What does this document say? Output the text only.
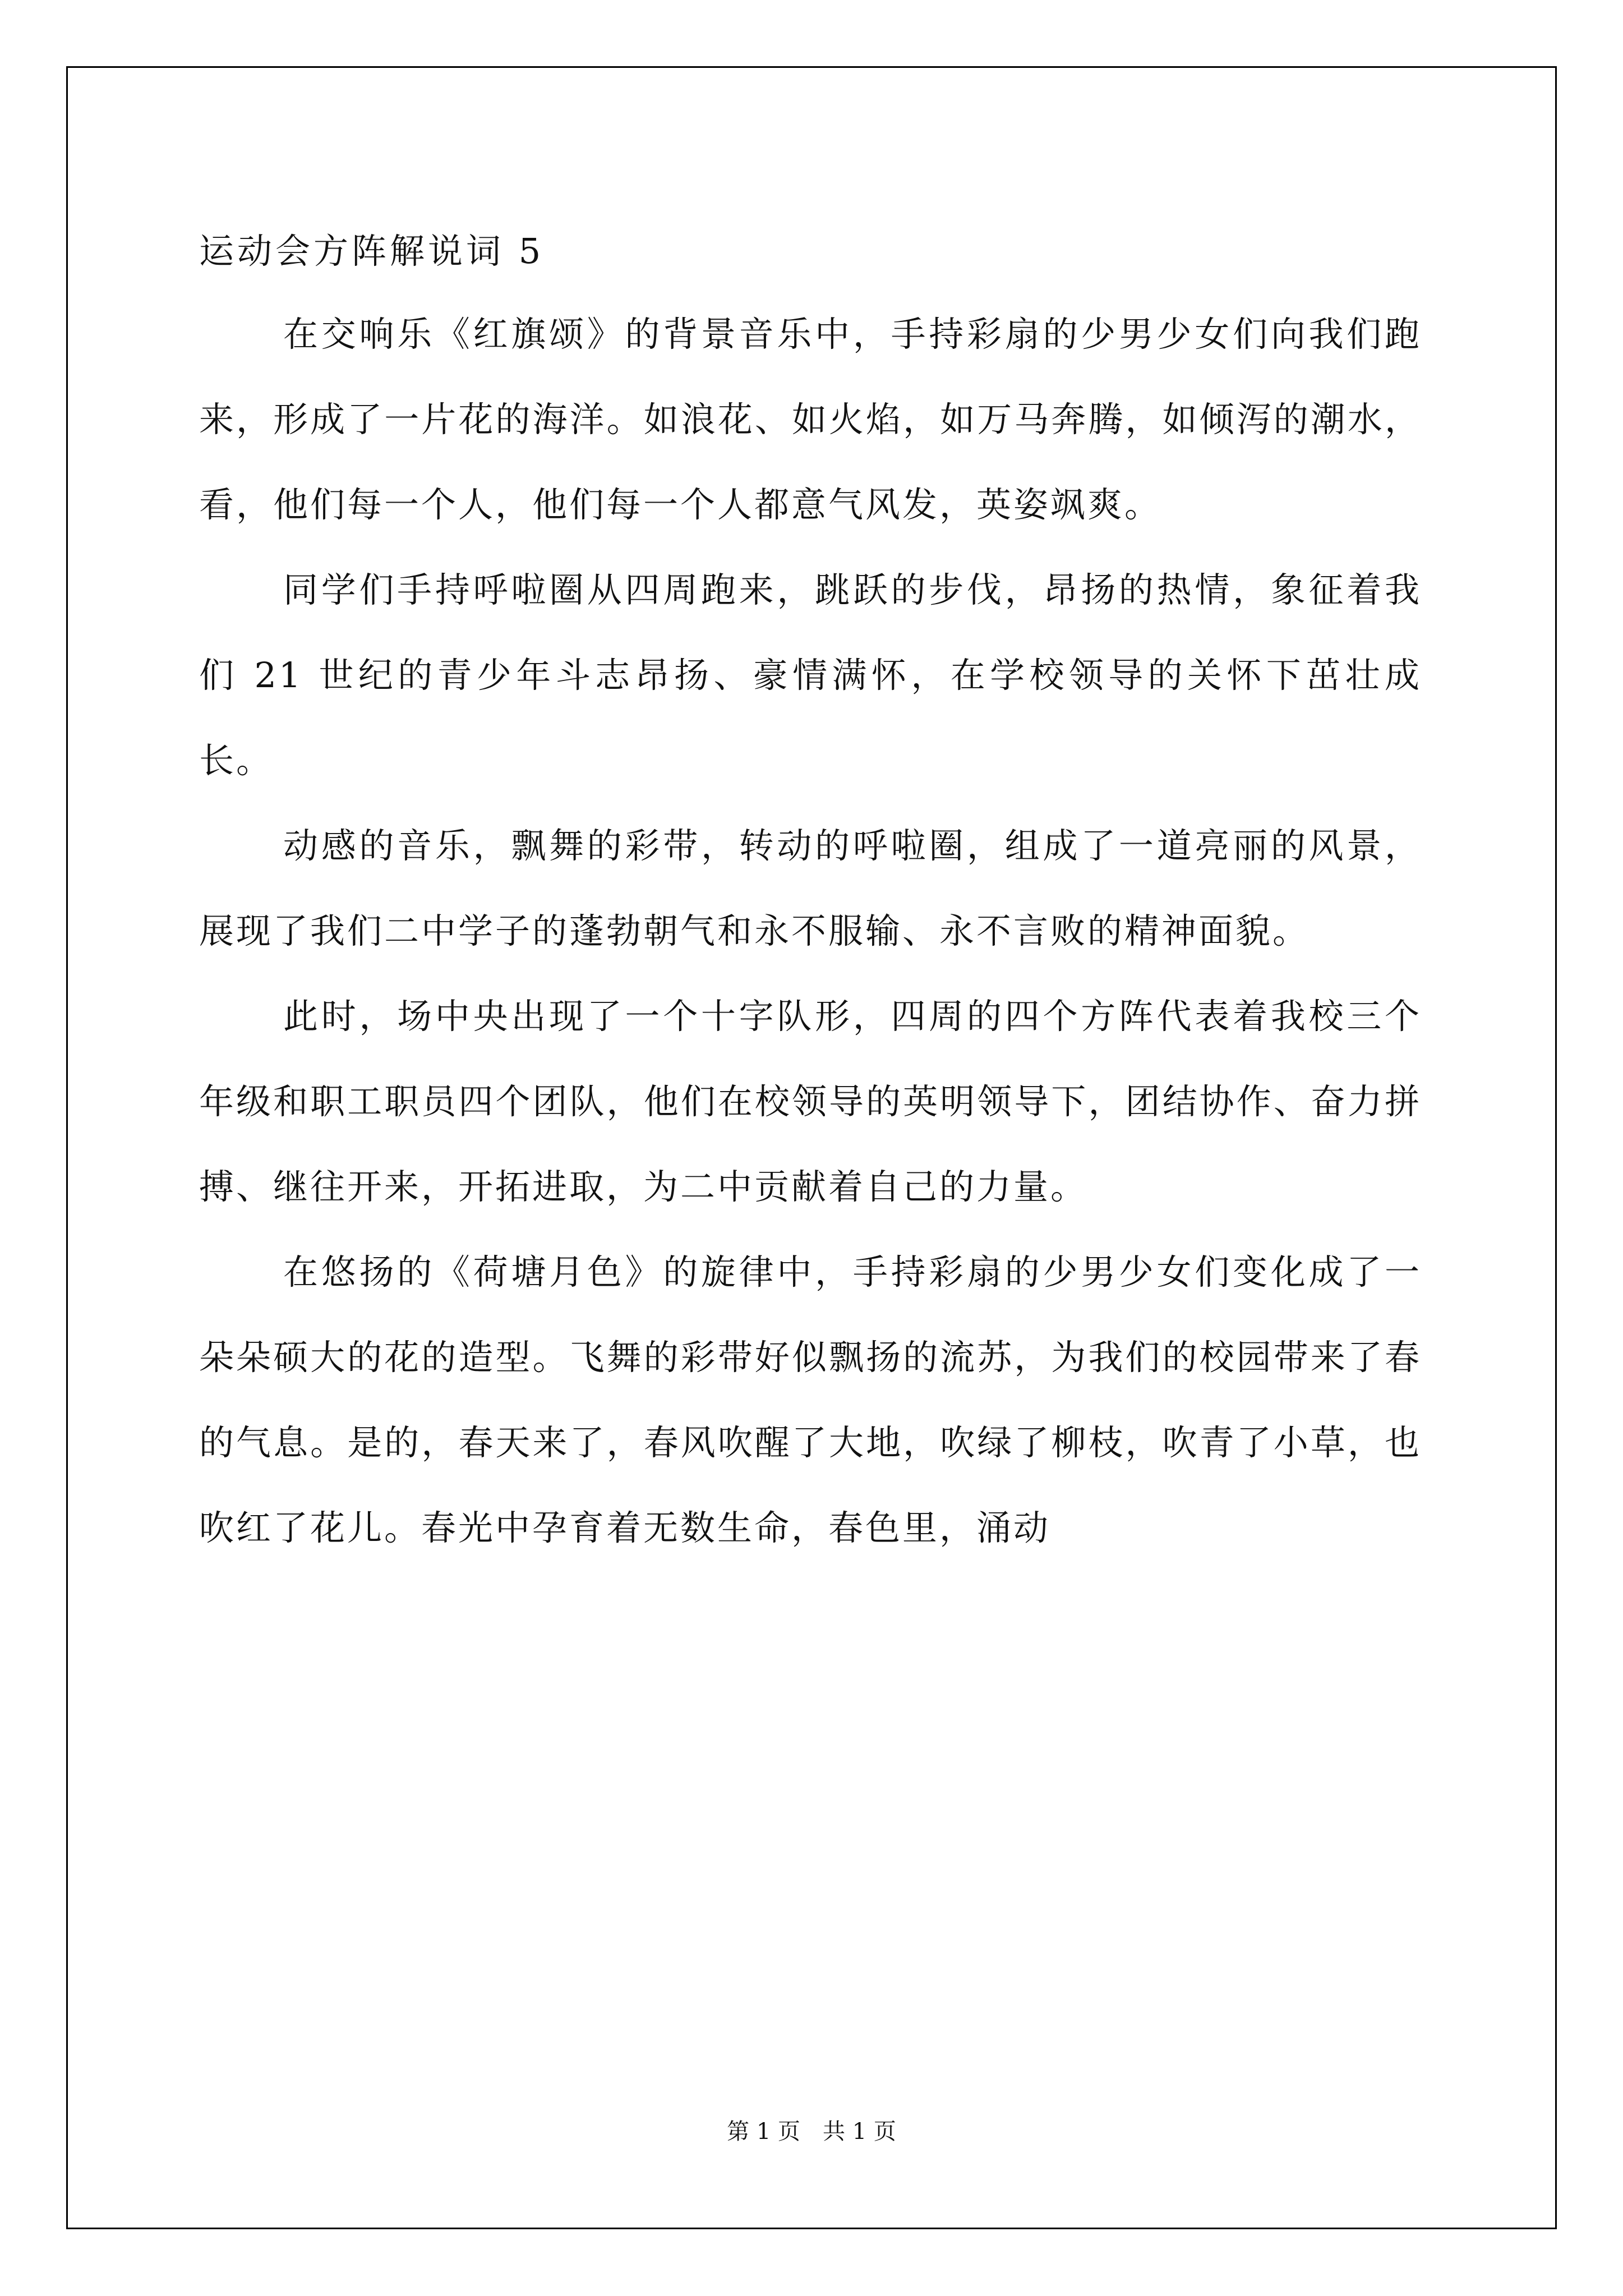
运动会方阵解说词 5

在交响乐《红旗颂》的背景音乐中，手持彩扇的少男少女们向我们跑来，形成了一片花的海洋。如浪花、如火焰，如万马奔腾，如倾泻的潮水，看，他们每一个人，他们每一个人都意气风发，英姿飒爽。

同学们手持呼啦圈从四周跑来，跳跃的步伐，昂扬的热情，象征着我们 21 世纪的青少年斗志昂扬、豪情满怀，在学校领导的关怀下茁壮成长。

动感的音乐，飘舞的彩带，转动的呼啦圈，组成了一道亮丽的风景，展现了我们二中学子的蓬勃朝气和永不服输、永不言败的精神面貌。

此时，场中央出现了一个十字队形，四周的四个方阵代表着我校三个年级和职工职员四个团队，他们在校领导的英明领导下，团结协作、奋力拼搏、继往开来，开拓进取，为二中贡献着自己的力量。

在悠扬的《荷塘月色》的旋律中，手持彩扇的少男少女们变化成了一朵朵硕大的花的造型。飞舞的彩带好似飘扬的流苏，为我们的校园带来了春的气息。是的，春天来了，春风吹醒了大地，吹绿了柳枝，吹青了小草，也吹红了花儿。春光中孕育着无数生命，春色里，涌动

第 1 页　共 1 页
